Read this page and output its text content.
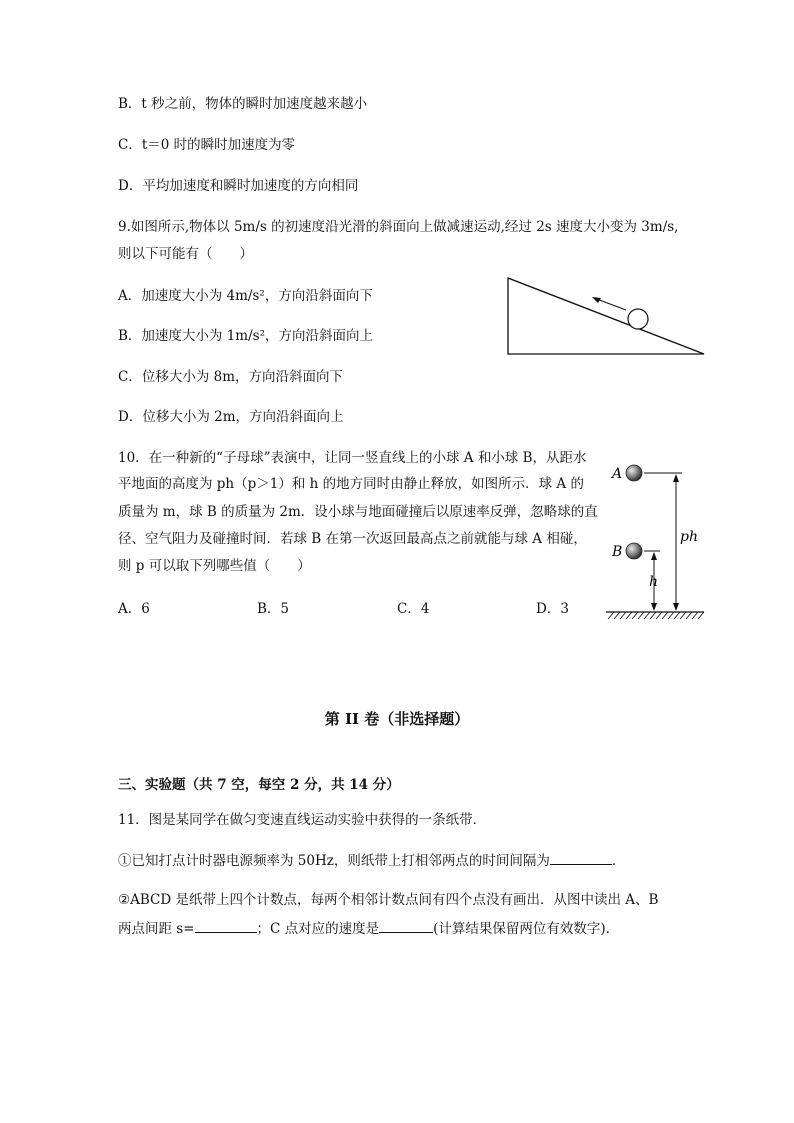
B．t 秒之前，物体的瞬时加速度越来越小
C．t＝0 时的瞬时加速度为零
D．平均加速度和瞬时加速度的方向相同
9.如图所示,物体以 5m/s 的初速度沿光滑的斜面向上做减速运动,经过 2s 速度大小变为 3m/s,
则以下可能有（　　）
A．加速度大小为 4m/s²，方向沿斜面向下
B．加速度大小为 1m/s²，方向沿斜面向上
C．位移大小为 8m，方向沿斜面向下
D．位移大小为 2m，方向沿斜面向上
10．在一种新的“子母球”表演中，让同一竖直线上的小球 A 和小球 B，从距水
平地面的高度为 ph（p＞1）和 h 的地方同时由静止释放，如图所示．球 A 的
质量为 m，球 B 的质量为 2m．设小球与地面碰撞后以原速率反弹，忽略球的直
径、空气阻力及碰撞时间．若球 B 在第一次返回最高点之前就能与球 A 相碰，
则 p 可以取下列哪些值（　　）
A．6	B．5	C．4	D．3
A
B
ph
h
第 II 卷（非选择题）
三、实验题（共 7 空，每空 2 分，共 14 分）
11．图是某同学在做匀变速直线运动实验中获得的一条纸带．
①已知打点计时器电源频率为 50Hz，则纸带上打相邻两点的时间间隔为	．
②ABCD 是纸带上四个计数点，每两个相邻计数点间有四个点没有画出．从图中读出 A、B
两点间距 s=	；C 点对应的速度是	(计算结果保留两位有效数字)．
